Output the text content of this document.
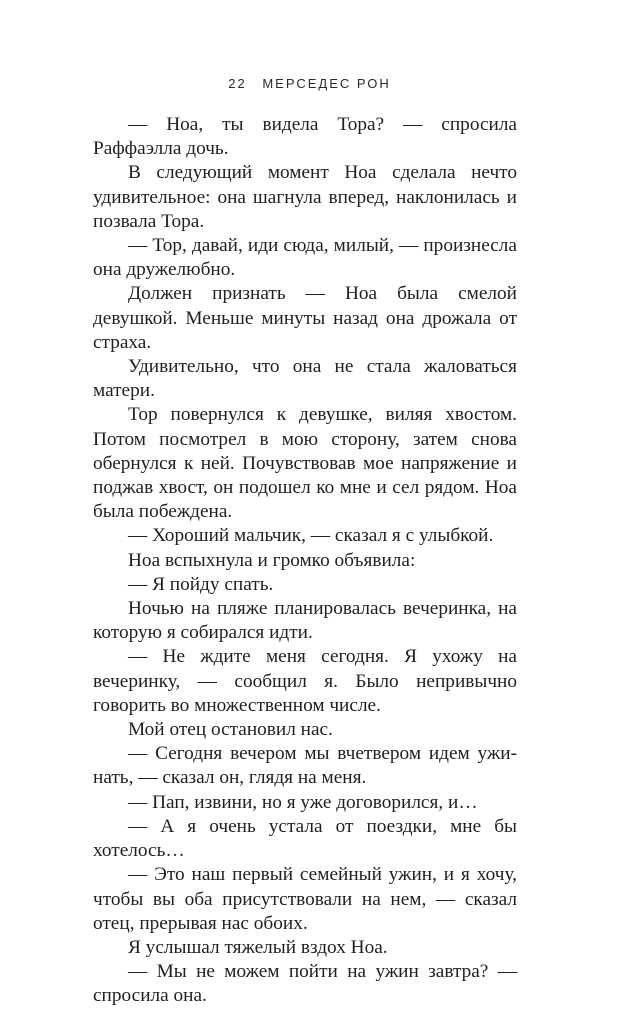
22 МЕРСЕДЕС РОН

— Ноа, ты видела Тора? — спросила Раффаэлла дочь.

В следующий момент Ноа сделала нечто удивительное: она шагнула вперед, наклонилась и позвала Тора.

— Тор, давай, иди сюда, милый, — произнесла она дружелюбно.

Должен признать — Ноа была смелой девушкой. Меньше минуты назад она дрожала от страха.

Удивительно, что она не стала жаловаться матери.

Тор повернулся к девушке, виляя хвостом. Потом посмотрел в мою сторону, затем снова обернулся к ней. Почувствовав мое напряжение и поджав хвост, он подошел ко мне и сел рядом. Ноа была побеждена.

— Хороший мальчик, — сказал я с улыбкой.

Ноа вспыхнула и громко объявила:

— Я пойду спать.

Ночью на пляже планировалась вечеринка, на которую я собирался идти.

— Не ждите меня сегодня. Я ухожу на вечеринку, — сообщил я. Было непривычно говорить во множественном числе.

Мой отец остановил нас.

— Сегодня вечером мы вчетвером идем ужинать, — сказал он, глядя на меня.

— Пап, извини, но я уже договорился, и…

— А я очень устала от поездки, мне бы хотелось…

— Это наш первый семейный ужин, и я хочу, чтобы вы оба присутствовали на нем, — сказал отец, прерывая нас обоих.

Я услышал тяжелый вздох Ноа.

— Мы не можем пойти на ужин завтра? — спросила она.
